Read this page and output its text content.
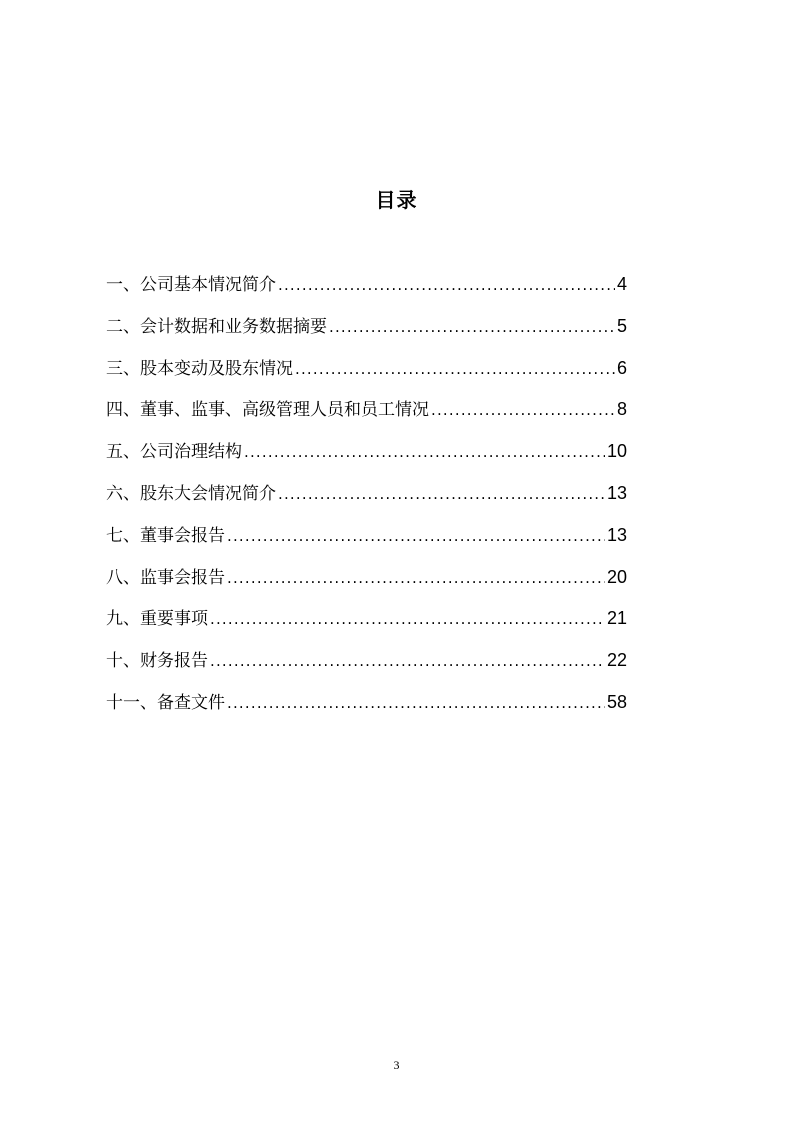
目录
一、公司基本情况简介 .....	4
二、会计数据和业务数据摘要 .....	5
三、股本变动及股东情况 .....	6
四、董事、监事、高级管理人员和员工情况 .....	8
五、公司治理结构 .....	10
六、股东大会情况简介 .....	13
七、董事会报告 .....	13
八、监事会报告 .....	20
九、重要事项 .....	21
十、财务报告 .....	22
十一、备查文件 .....	58
3
